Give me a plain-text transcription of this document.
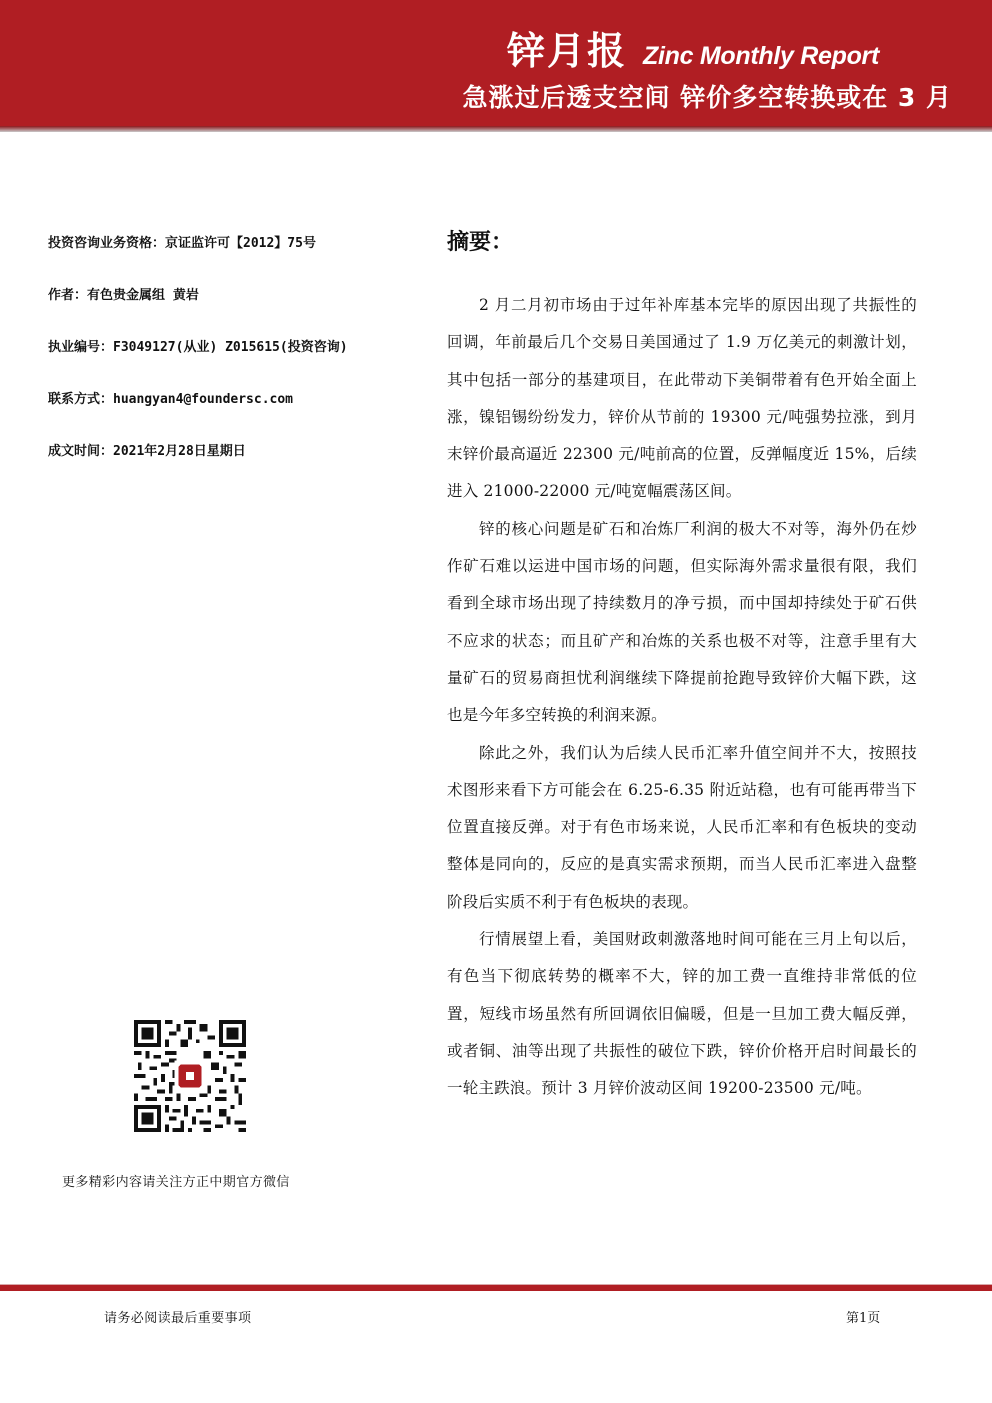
锌月报 Zinc Monthly Report
急涨过后透支空间 锌价多空转换或在 3 月
投资咨询业务资格：京证监许可【2012】75号
作者：有色贵金属组 黄岩
执业编号：F3049127(从业) Z015615(投资咨询)
联系方式：huangyan4@foundersc.com
成文时间：2021年2月28日星期日
摘要：

2 月二月初市场由于过年补库基本完毕的原因出现了共振性的回调，年前最后几个交易日美国通过了 1.9 万亿美元的刺激计划，其中包括一部分的基建项目，在此带动下美铜带着有色开始全面上涨，镍铝锡纷纷发力，锌价从节前的 19300 元/吨强势拉涨，到月末锌价最高逼近 22300 元/吨前高的位置，反弹幅度近 15%，后续进入 21000-22000 元/吨宽幅震荡区间。

锌的核心问题是矿石和冶炼厂利润的极大不对等，海外仍在炒作矿石难以运进中国市场的问题，但实际海外需求量很有限，我们看到全球市场出现了持续数月的净亏损，而中国却持续处于矿石供不应求的状态；而且矿产和冶炼的关系也极不对等，注意手里有大量矿石的贸易商担忧利润继续下降提前抢跑导致锌价大幅下跌，这也是今年多空转换的利润来源。

除此之外，我们认为后续人民币汇率升值空间并不大，按照技术图形来看下方可能会在 6.25-6.35 附近站稳，也有可能再带当下位置直接反弹。对于有色市场来说，人民币汇率和有色板块的变动整体是同向的，反应的是真实需求预期，而当人民币汇率进入盘整阶段后实质不利于有色板块的表现。

行情展望上看，美国财政刺激落地时间可能在三月上旬以后，有色当下彻底转势的概率不大，锌的加工费一直维持非常低的位置，短线市场虽然有所回调依旧偏暖，但是一旦加工费大幅反弹，或者铜、油等出现了共振性的破位下跌，锌价价格开启时间最长的一轮主跌浪。预计 3 月锌价波动区间 19200-23500 元/吨。

更多精彩内容请关注方正中期官方微信
请务必阅读最后重要事项	第1页
